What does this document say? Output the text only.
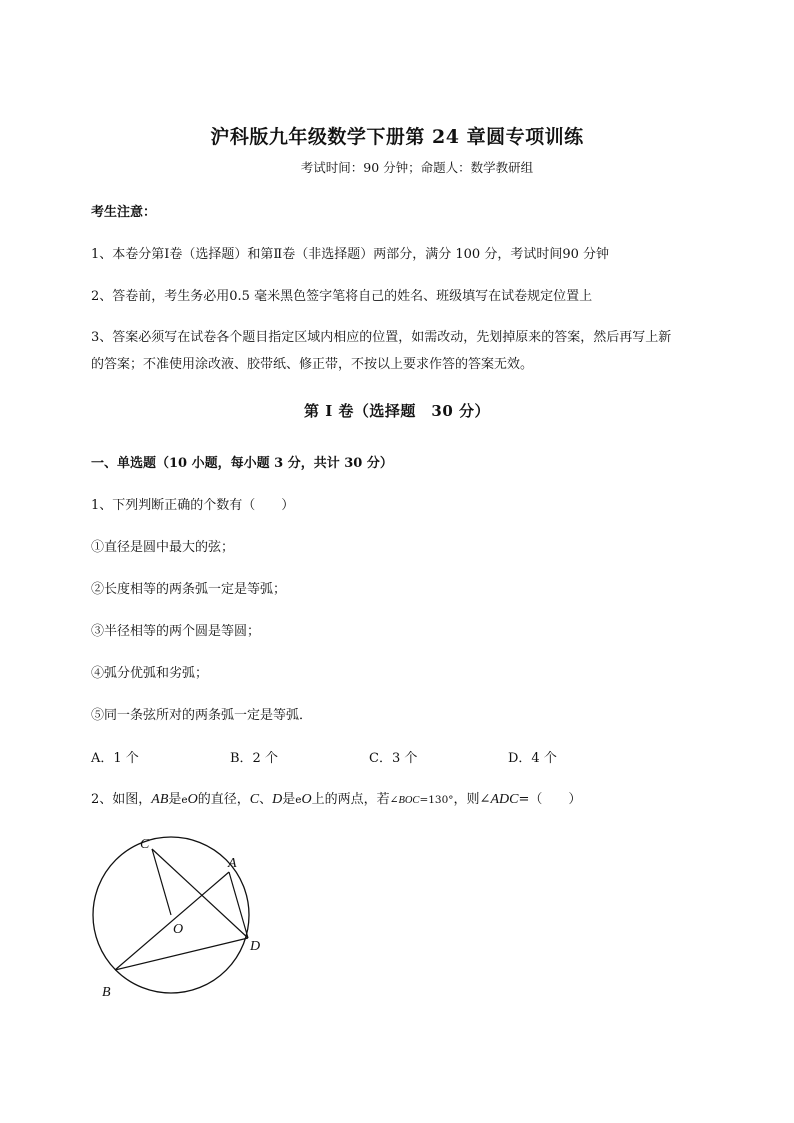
沪科版九年级数学下册第 24 章圆专项训练
考试时间：90 分钟；命题人：数学教研组
考生注意：
1、本卷分第I卷（选择题）和第Ⅱ卷（非选择题）两部分，满分 100 分，考试时间90 分钟
2、答卷前，考生务必用0.5 毫米黑色签字笔将自己的姓名、班级填写在试卷规定位置上
3、答案必须写在试卷各个题目指定区域内相应的位置，如需改动，先划掉原来的答案，然后再写上新
的答案；不准使用涂改液、胶带纸、修正带，不按以上要求作答的答案无效。
第 I 卷（选择题　30 分）
一、单选题（10 小题，每小题 3 分，共计 30 分）
1、下列判断正确的个数有（　　）
①直径是圆中最大的弦；
②长度相等的两条弧一定是等弧；
③半径相等的两个圆是等圆；
④弧分优弧和劣弧；
⑤同一条弦所对的两条弧一定是等弧．
A．1 个	B．2 个	C．3 个	D．4 个
2、如图，AB是eO的直径，C、D是eO上的两点，若∠BOC=130°，则∠ADC=（　　）
C
A
O
D
B
